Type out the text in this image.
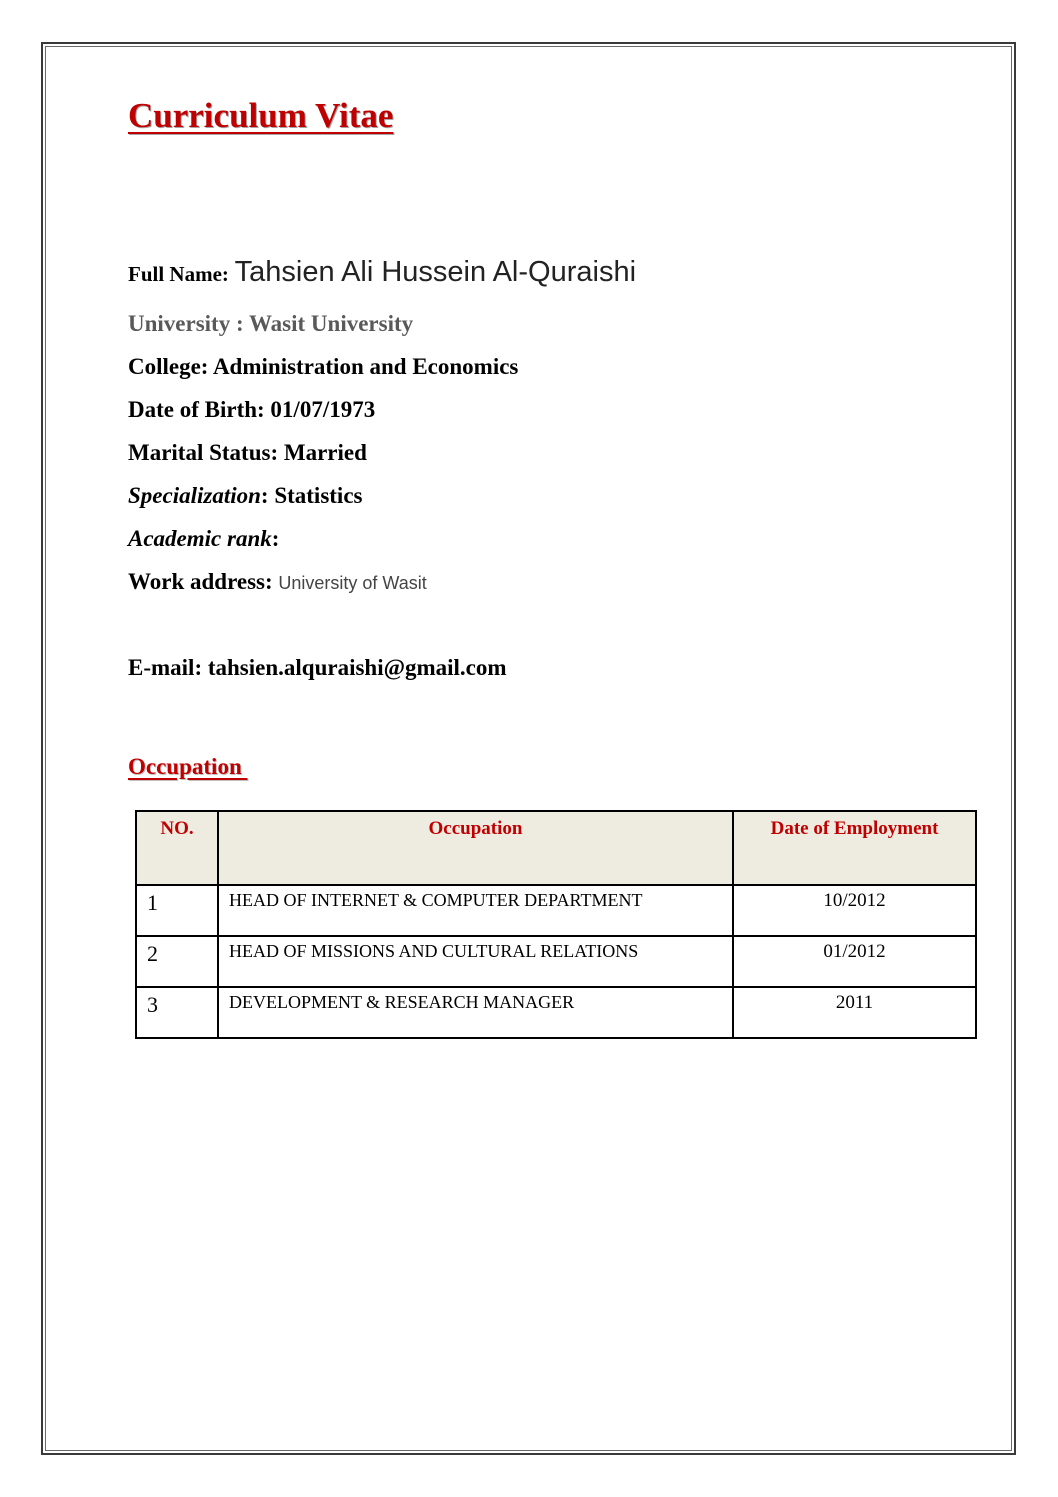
Curriculum Vitae
Full Name: Tahsien Ali Hussein Al-Quraishi
University : Wasit University
College: Administration and Economics
Date of Birth: 01/07/1973
Marital Status: Married
Specialization: Statistics
Academic rank:
Work address: University of Wasit
E-mail: tahsien.alquraishi@gmail.com
Occupation
NO.	Occupation	Date of Employment
1	HEAD OF INTERNET & COMPUTER DEPARTMENT	10/2012
2	HEAD OF MISSIONS AND CULTURAL RELATIONS	01/2012
3	DEVELOPMENT & RESEARCH MANAGER	2011
